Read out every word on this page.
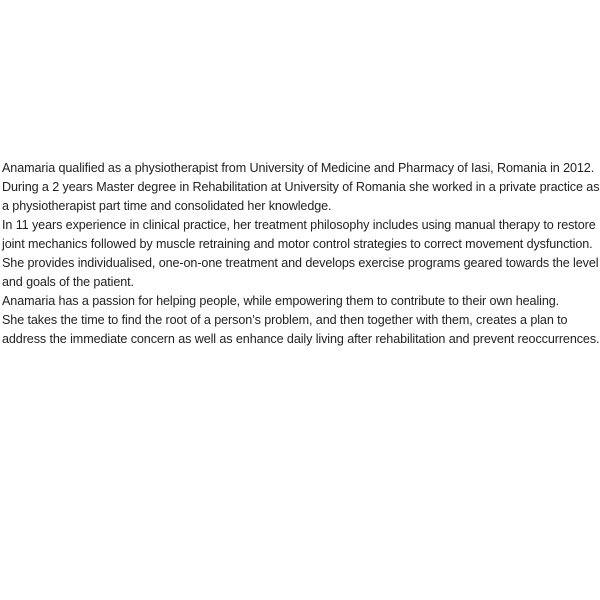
Anamaria qualified as a physiotherapist from University of Medicine and Pharmacy of Iasi, Romania in 2012.

During a 2 years Master degree in Rehabilitation at University of Romania she worked in a private practice as a physiotherapist part time and consolidated her knowledge.

In 11 years experience in clinical practice, her treatment philosophy includes using manual therapy to restore joint mechanics followed by muscle retraining and motor control strategies to correct movement dysfunction.

She provides individualised, one-on-one treatment and develops exercise programs geared towards the level and goals of the patient.

Anamaria has a passion for helping people, while empowering them to contribute to their own healing.

She takes the time to find the root of a person’s problem, and then together with them, creates a plan to address the immediate concern as well as enhance daily living after rehabilitation and prevent reoccurrences.
